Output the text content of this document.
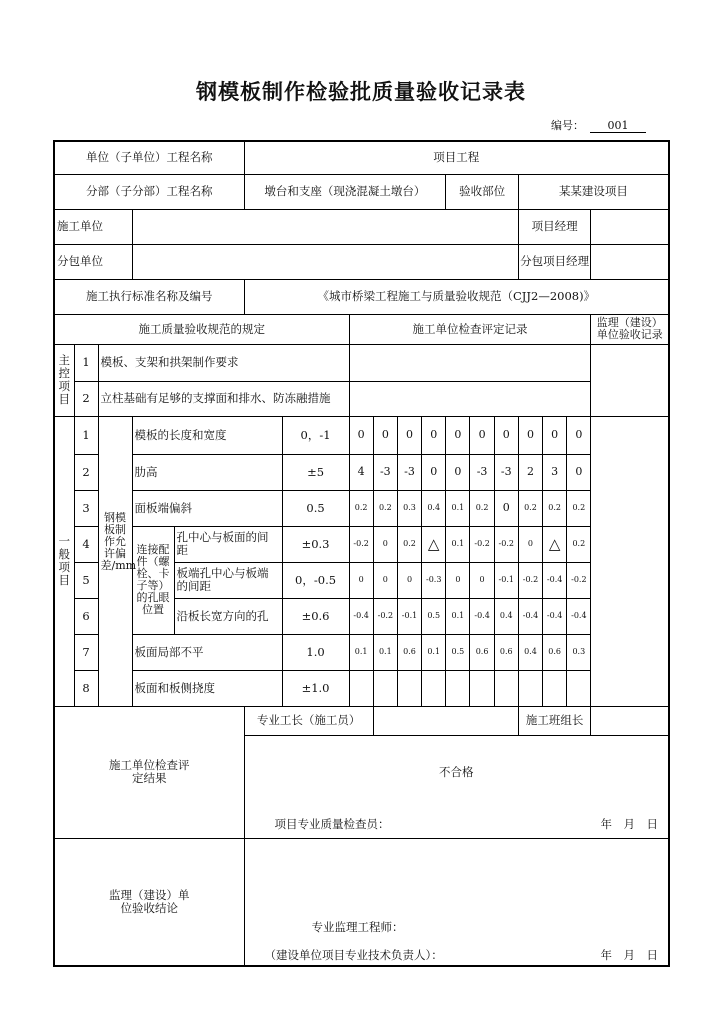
钢模板制作检验批质量验收记录表
编号： 001
单位（子单位）工程名称					项目工程												
分部（子分部）工程名称					墩台和支座（现浇混凝土墩台）						验收部位			某某建设项目			
施工单位														项目经理			
分包单位														分包项目经理			
施工执行标准名称及编号					《城市桥梁工程施工与质量验收规范（CJJ2—2008)》												
施工质量验收规范的规定							施工单位检查评定记录										监理（建设）单位验收记录

主控项目	1	模板、支架和拱架制作要求															
	2	立柱基础有足够的支撑面和排水、防冻融措施															

一般项目	1	钢模板制作允许偏差/mm	模板的长度和宽度			0，-1	0	0	0	0	0	0	0	0	0	0	
	2		肋高			±5	4	-3	-3	0	0	-3	-3	2	3	0	
	3		面板端偏斜			0.5	0.2	0.2	0.3	0.4	0.1	0.2	0	0.2	0.2	0.2	
	4		连接配件（螺栓、卡子等）的孔眼位置	孔中心与板面的间距		±0.3	-0.2	0	0.2	△	0.1	-0.2	-0.2	0	△	0.2	
	5			板端孔中心与板端的间距		0，-0.5	0	0	0	-0.3	0	0	-0.1	-0.2	-0.4	-0.2	
	6			沿板长宽方向的孔		±0.6	-0.4	-0.2	-0.1	0.5	0.1	-0.4	0.4	-0.4	-0.4	-0.4	
	7		板面局部不平			1.0	0.1	0.1	0.6	0.1	0.5	0.6	0.6	0.4	0.6	0.3	
	8		板面和板侧挠度			±1.0											
施工单位检查评定结果					专业工长（施工员）									施工班组长			

					不合格
项目专业质量检查员： 年　月　日												

监理（建设）单位验收结论					专业监理工程师：
（建设单位项目专业技术负责人）： 年　月　日												
